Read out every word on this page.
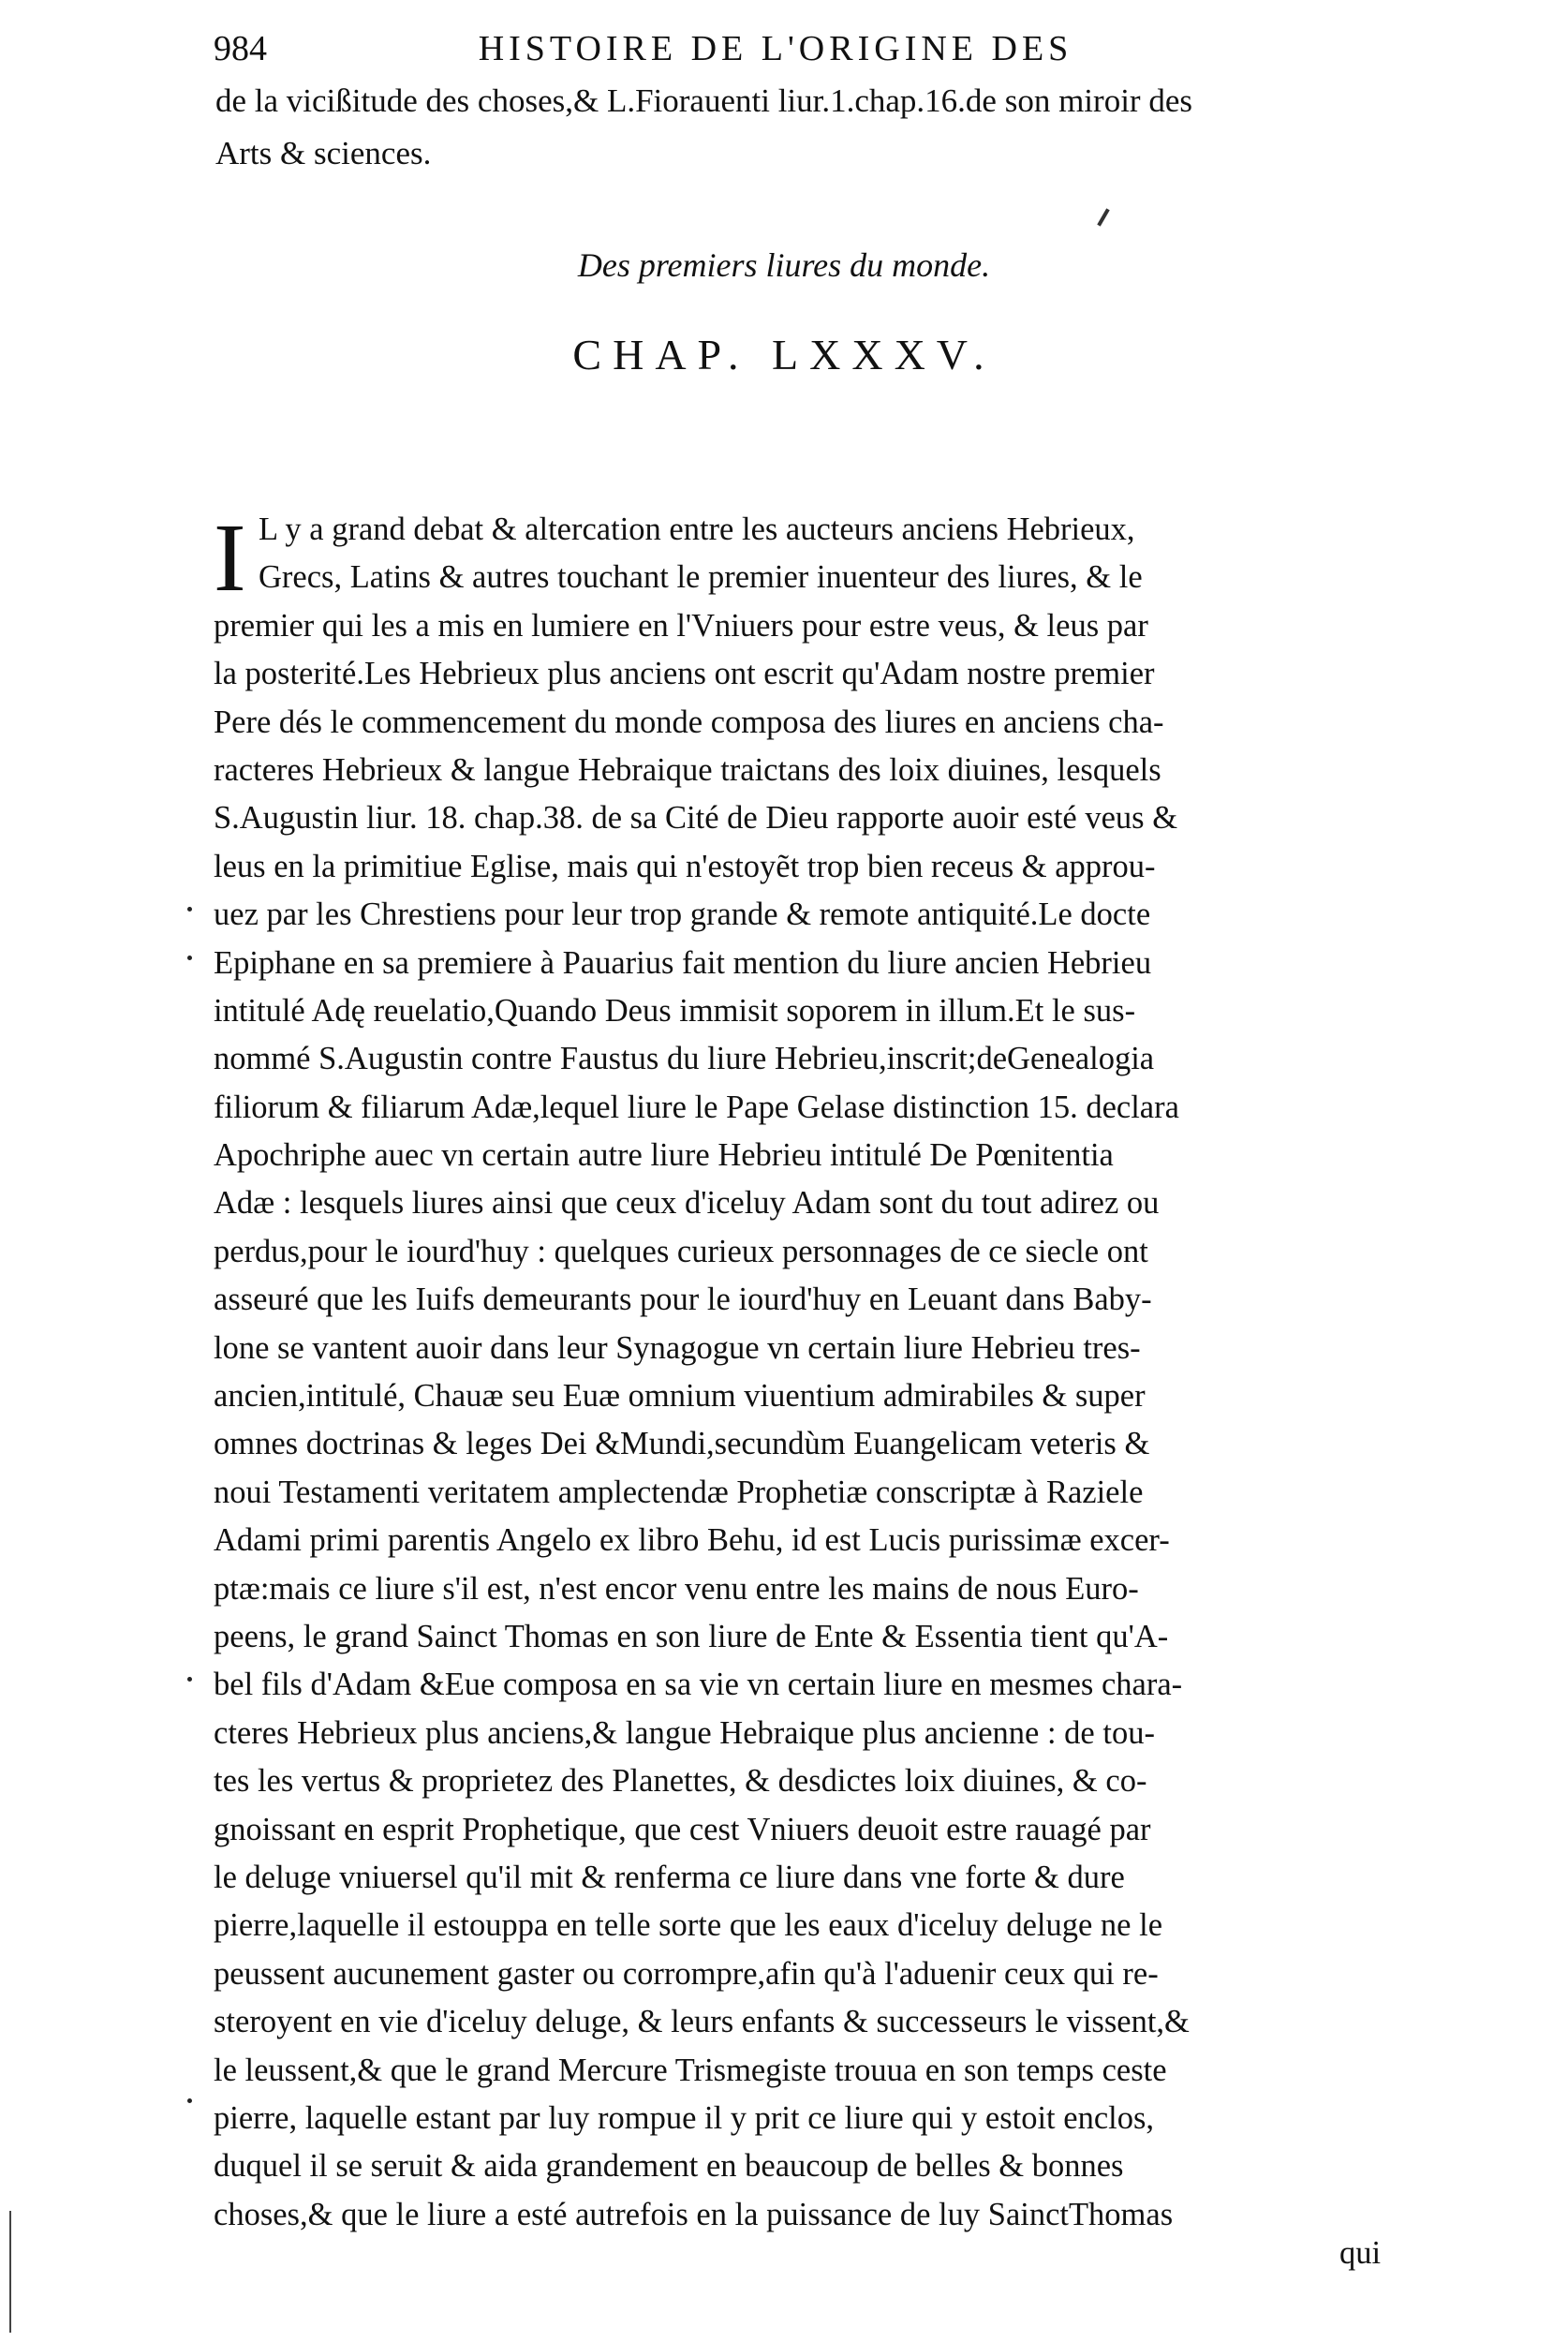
984	HISTOIRE DE L'ORIGINE DES
de la vicißitude des choses,& L.Fiorauenti liur.1.chap.16.de son miroir des
Arts & sciences.
Des premiers liures du monde.
CHAP. LXXXV.
I L y a grand debat & altercation entre les aucteurs anciens Hebrieux,
Grecs, Latins & autres touchant le premier inuenteur des liures, & le
premier qui les a mis en lumiere en l'Vniuers pour estre veus, & leus par
la posterité.Les Hebrieux plus anciens ont escrit qu'Adam nostre premier
Pere dés le commencement du monde composa des liures en anciens cha-
racteres Hebrieux & langue Hebraique traictans des loix diuines, lesquels
S.Augustin liur. 18. chap.38. de sa Cité de Dieu rapporte auoir esté veus &
leus en la primitiue Eglise, mais qui n'estoyẽt trop bien receus & approu-
uez par les Chrestiens pour leur trop grande & remote antiquité.Le docte
Epiphane en sa premiere à Pauarius fait mention du liure ancien Hebrieu
intitulé Adę reuelatio,Quando Deus immisit soporem in illum.Et le sus-
nommé S.Augustin contre Faustus du liure Hebrieu,inscrit;deGenealogia
filiorum & filiarum Adæ,lequel liure le Pape Gelase distinction 15. declara
Apochriphe auec vn certain autre liure Hebrieu intitulé De Pœnitentia
Adæ : lesquels liures ainsi que ceux d'iceluy Adam sont du tout adirez ou
perdus,pour le iourd'huy : quelques curieux personnages de ce siecle ont
asseuré que les Iuifs demeurants pour le iourd'huy en Leuant dans Baby-
lone se vantent auoir dans leur Synagogue vn certain liure Hebrieu tres-
ancien,intitulé, Chauæ seu Euæ omnium viuentium admirabiles & super
omnes doctrinas & leges Dei &Mundi,secundùm Euangelicam veteris &
noui Testamenti veritatem amplectendæ Prophetiæ conscriptæ à Raziele
Adami primi parentis Angelo ex libro Behu, id est Lucis purissimæ excer-
ptæ:mais ce liure s'il est, n'est encor venu entre les mains de nous Euro-
peens, le grand Sainct Thomas en son liure de Ente & Essentia tient qu'A-
bel fils d'Adam &Eue composa en sa vie vn certain liure en mesmes chara-
cteres Hebrieux plus anciens,& langue Hebraique plus ancienne : de tou-
tes les vertus & proprietez des Planettes, & desdictes loix diuines, & co-
gnoissant en esprit Prophetique, que cest Vniuers deuoit estre rauagé par
le deluge vniuersel qu'il mit & renferma ce liure dans vne forte & dure
pierre,laquelle il estouppa en telle sorte que les eaux d'iceluy deluge ne le
peussent aucunement gaster ou corrompre,afin qu'à l'aduenir ceux qui re-
steroyent en vie d'iceluy deluge, & leurs enfants & successeurs le vissent,&
le leussent,& que le grand Mercure Trismegiste trouua en son temps ceste
pierre, laquelle estant par luy rompue il y prit ce liure qui y estoit enclos,
duquel il se seruit & aida grandement en beaucoup de belles & bonnes
choses,& que le liure a esté autrefois en la puissance de luy SainctThomas
qui
